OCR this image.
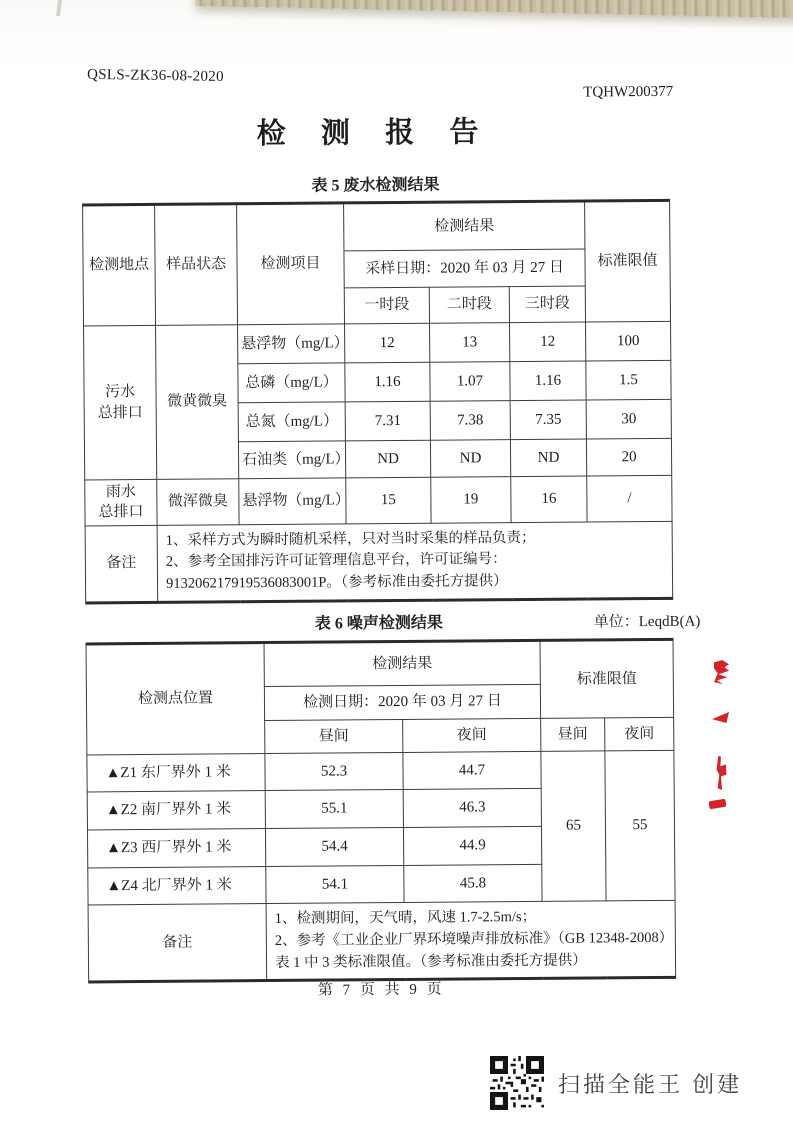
QSLS-ZK36-08-2020
TQHW200377
检 测 报 告
表 5 废水检测结果
检测地点	样品状态	检测项目	检测结果			标准限值
			采样日期：2020 年 03 月 27 日			
			一时段	二时段	三时段	
污水
总排口	微黄微臭	悬浮物（mg/L）	12	13	12	100
		总磷（mg/L）	1.16	1.07	1.16	1.5
		总氮（mg/L）	7.31	7.38	7.35	30
		石油类（mg/L）	ND	ND	ND	20
雨水
总排口	微浑微臭	悬浮物（mg/L）	15	19	16	/
备注	1、采样方式为瞬时随机采样，只对当时采集的样品负责；
2、参考全国排污许可证管理信息平台，许可证编号：913206217919536083001P。（参考标准由委托方提供）					
表 6 噪声检测结果	单位：LeqdB(A)
检测点位置	检测结果		标准限值	
	检测日期：2020 年 03 月 27 日			
	昼间	夜间	昼间	夜间
▲Z1 东厂界外 1 米	52.3	44.7	65	55
▲Z2 南厂界外 1 米	55.1	46.3		
▲Z3 西厂界外 1 米	54.4	44.9		
▲Z4 北厂界外 1 米	54.1	45.8		
备注	1、检测期间，天气晴，风速 1.7-2.5m/s；
2、参考《工业企业厂界环境噪声排放标准》（GB 12348-2008）表 1 中 3 类标准限值。（参考标准由委托方提供）			
第 7 页 共 9 页
扫描全能王 创建
